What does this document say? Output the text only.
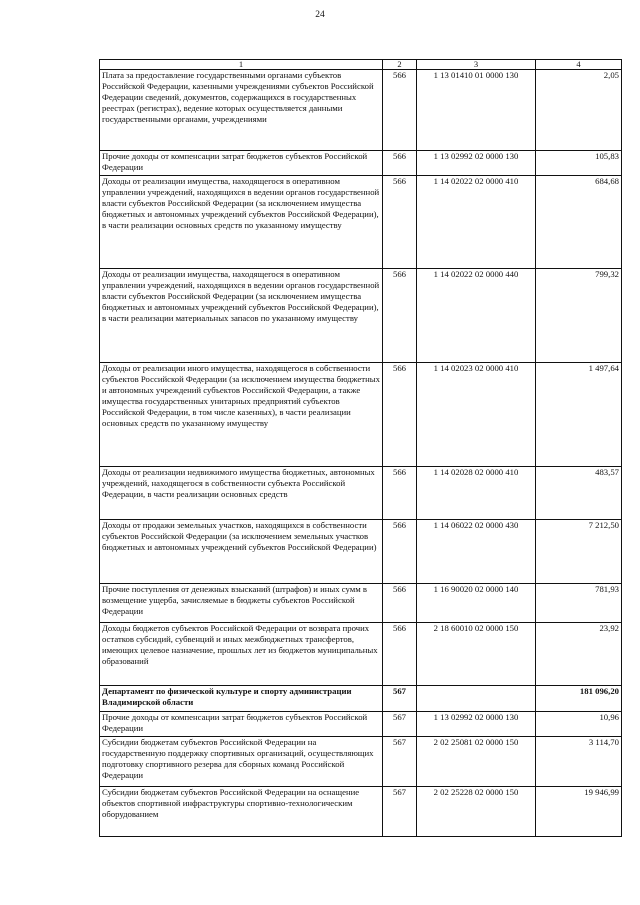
24
1	2	3	4
Плата за предоставление государственными органами субъектов Российской Федерации, казенными учреждениями субъектов Российской Федерации сведений, документов, содержащихся в государственных реестрах (регистрах), ведение которых осуществляется данными государственными органами, учреждениями	566	1 13 01410 01 0000 130	2,05
Прочие доходы от компенсации затрат бюджетов субъектов Российской Федерации	566	1 13 02992 02 0000 130	105,83
Доходы от реализации имущества, находящегося в оперативном управлении учреждений, находящихся в ведении органов государственной власти субъектов Российской Федерации (за исключением имущества бюджетных и автономных учреждений субъектов Российской Федерации), в части реализации основных средств по указанному имуществу	566	1 14 02022 02 0000 410	684,68
Доходы от реализации имущества, находящегося в оперативном управлении учреждений, находящихся в ведении органов государственной власти субъектов Российской Федерации (за исключением имущества бюджетных и автономных учреждений субъектов Российской Федерации), в части реализации материальных запасов по указанному имуществу	566	1 14 02022 02 0000 440	799,32
Доходы от реализации иного имущества, находящегося в собственности субъектов Российской Федерации (за исключением имущества бюджетных и автономных учреждений субъектов Российской Федерации, а также имущества государственных унитарных предприятий субъектов Российской Федерации, в том числе казенных), в части реализации основных средств по указанному имуществу	566	1 14 02023 02 0000 410	1 497,64
Доходы от реализации недвижимого имущества бюджетных, автономных учреждений, находящегося в собственности субъекта Российской Федерации, в части реализации основных средств	566	1 14 02028 02 0000 410	483,57
Доходы от продажи земельных участков, находящихся в собственности субъектов Российской Федерации (за исключением земельных участков бюджетных и автономных учреждений субъектов Российской Федерации)	566	1 14 06022 02 0000 430	7 212,50
Прочие поступления от денежных взысканий (штрафов) и иных сумм в возмещение ущерба, зачисляемые в бюджеты субъектов Российской Федерации	566	1 16 90020 02 0000 140	781,93
Доходы бюджетов субъектов Российской Федерации от возврата прочих остатков субсидий, субвенций и иных межбюджетных трансфертов, имеющих целевое назначение, прошлых лет из бюджетов муниципальных образований	566	2 18 60010 02 0000 150	23,92
Департамент по физической культуре и спорту администрации Владимирской области	567		181 096,20
Прочие доходы от компенсации затрат бюджетов субъектов Российской Федерации	567	1 13 02992 02 0000 130	10,96
Субсидии бюджетам субъектов Российской Федерации на государственную поддержку спортивных организаций, осуществляющих подготовку спортивного резерва для сборных команд Российской Федерации	567	2 02 25081 02 0000 150	3 114,70
Субсидии бюджетам субъектов Российской Федерации на оснащение объектов спортивной инфраструктуры спортивно-технологическим оборудованием	567	2 02 25228 02 0000 150	19 946,99
